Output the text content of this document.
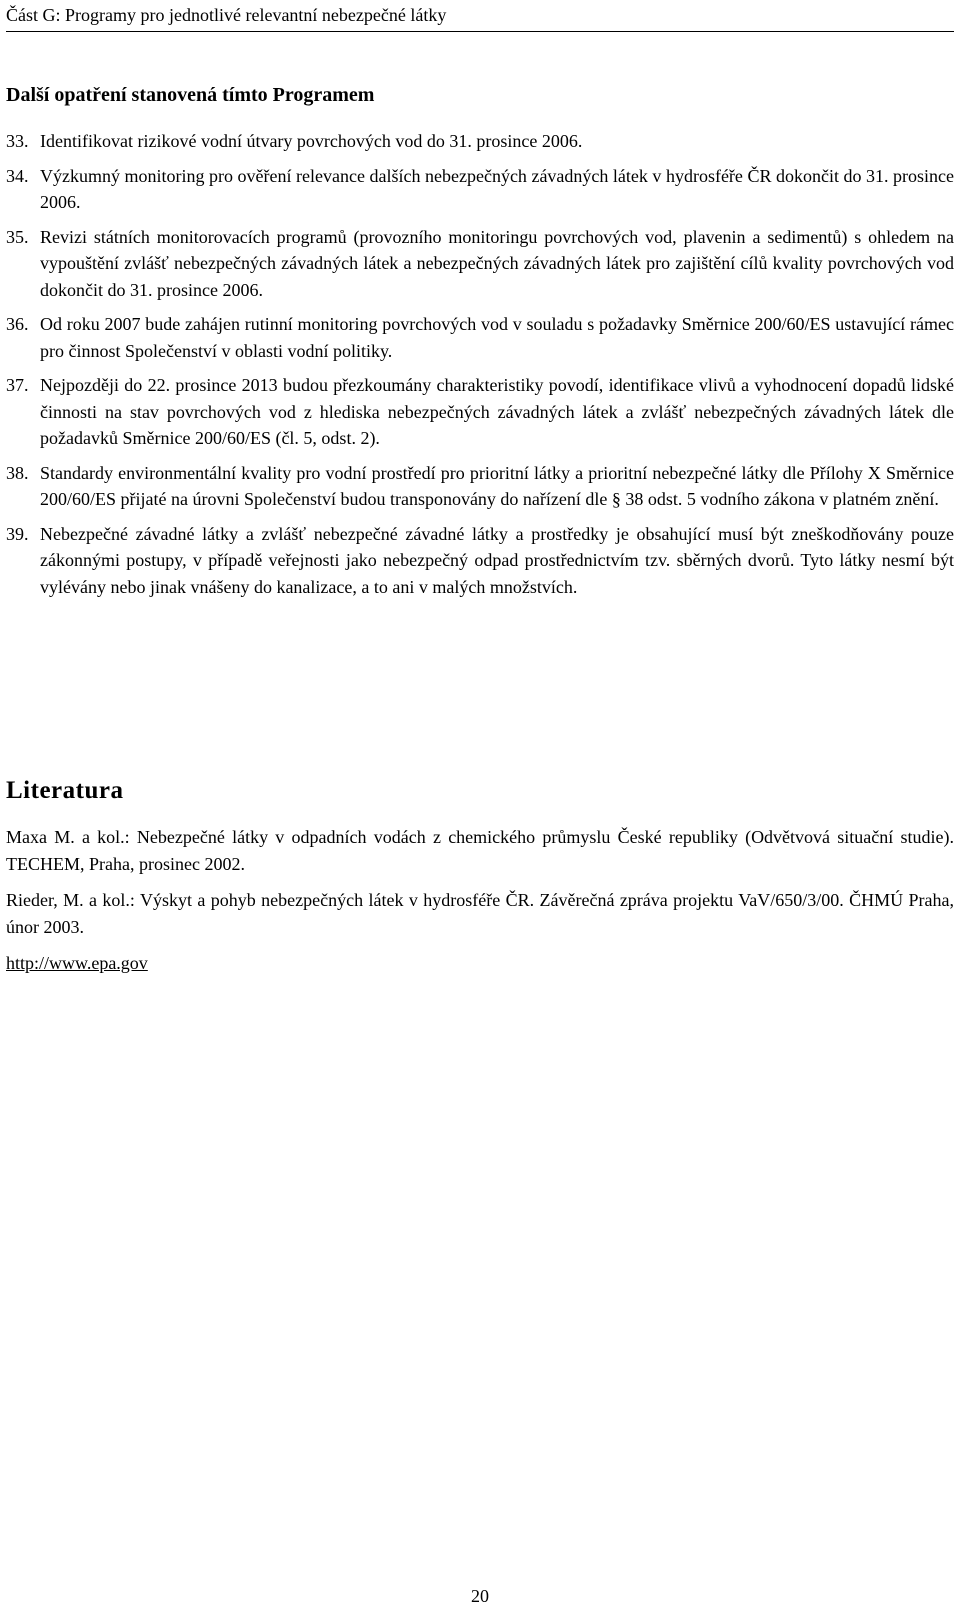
Část G: Programy pro jednotlivé relevantní nebezpečné látky
Další opatření stanovená tímto Programem
33. Identifikovat rizikové vodní útvary povrchových vod do 31. prosince 2006.
34. Výzkumný monitoring pro ověření relevance dalších nebezpečných závadných látek v hydrosféře ČR dokončit do 31. prosince 2006.
35. Revizi státních monitorovacích programů (provozního monitoringu povrchových vod, plavenin a sedimentů) s ohledem na vypouštění zvlášť nebezpečných závadných látek a nebezpečných závadných látek pro zajištění cílů kvality povrchových vod dokončit do 31. prosince 2006.
36. Od roku 2007 bude zahájen rutinní monitoring povrchových vod v souladu s požadavky Směrnice 200/60/ES ustavující rámec pro činnost Společenství v oblasti vodní politiky.
37. Nejpozději do 22. prosince 2013 budou přezkoumány charakteristiky povodí, identifikace vlivů a vyhodnocení dopadů lidské činnosti na stav povrchových vod z hlediska nebezpečných závadných látek a zvlášť nebezpečných závadných látek dle požadavků Směrnice 200/60/ES (čl. 5, odst. 2).
38. Standardy environmentální kvality pro vodní prostředí pro prioritní látky a prioritní nebezpečné látky dle Přílohy X Směrnice 200/60/ES přijaté na úrovni Společenství budou transponovány do nařízení dle § 38 odst. 5 vodního zákona v platném znění.
39. Nebezpečné závadné látky a zvlášť nebezpečné závadné látky a prostředky je obsahující musí být zneškodňovány pouze zákonnými postupy, v případě veřejnosti jako nebezpečný odpad prostřednictvím tzv. sběrných dvorů. Tyto látky nesmí být vylévány nebo jinak vnášeny do kanalizace, a to ani v malých množstvích.
Literatura
Maxa M. a kol.: Nebezpečné látky v odpadních vodách z chemického průmyslu České republiky (Odvětvová situační studie). TECHEM, Praha, prosinec 2002.
Rieder, M. a kol.: Výskyt a pohyb nebezpečných látek v hydrosféře ČR. Závěrečná zpráva projektu VaV/650/3/00. ČHMÚ Praha, únor 2003.
http://www.epa.gov
20
